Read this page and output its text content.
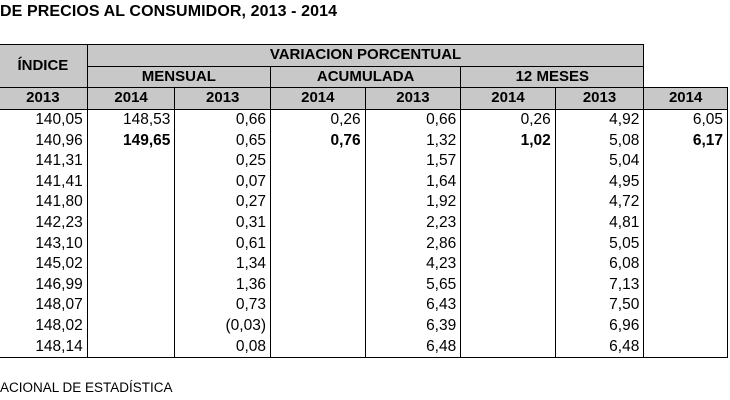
DE PRECIOS AL CONSUMIDOR, 2013 - 2014
ÍNDICE	VARIACION PORCENTUAL						
	MENSUAL		ACUMULADA		12 MESES		
2013	2014	2013	2014	2013	2014	2013	2014
140,05	148,53	0,66	0,26	0,66	0,26	4,92	6,05
140,96	149,65	0,65	0,76	1,32	1,02	5,08	6,17
141,31		0,25		1,57		5,04	
141,41		0,07		1,64		4,95	
141,80		0,27		1,92		4,72	
142,23		0,31		2,23		4,81	
143,10		0,61		2,86		5,05	
145,02		1,34		4,23		6,08	
146,99		1,36		5,65		7,13	
148,07		0,73		6,43		7,50	
148,02		(0,03)		6,39		6,96	
148,14		0,08		6,48		6,48	
ACIONAL DE ESTADÍSTICA
